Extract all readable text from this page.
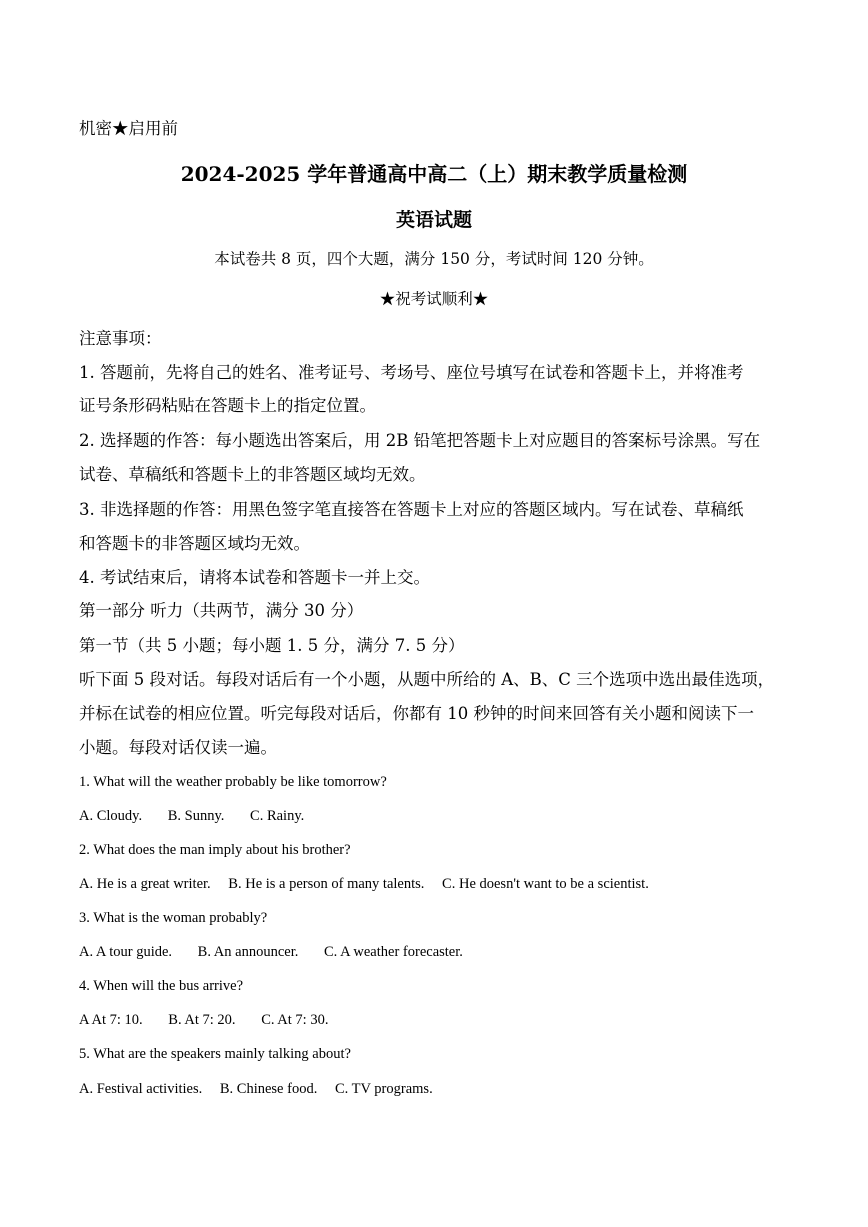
机密★启用前
2024-2025 学年普通高中高二（上）期末教学质量检测
英语试题
本试卷共 8 页，四个大题，满分 150 分，考试时间 120 分钟。
★祝考试顺利★
注意事项：
1. 答题前，先将自己的姓名、准考证号、考场号、座位号填写在试卷和答题卡上，并将准考
证号条形码粘贴在答题卡上的指定位置。
2. 选择题的作答：每小题选出答案后，用 2B 铅笔把答题卡上对应题目的答案标号涂黑。写在
试卷、草稿纸和答题卡上的非答题区域均无效。
3. 非选择题的作答：用黑色签字笔直接答在答题卡上对应的答题区域内。写在试卷、草稿纸
和答题卡的非答题区域均无效。
4. 考试结束后，请将本试卷和答题卡一并上交。
第一部分 听力（共两节，满分 30 分）
第一节（共 5 小题；每小题 1. 5 分，满分 7. 5 分）
听下面 5 段对话。每段对话后有一个小题，从题中所给的 A、B、C 三个选项中选出最佳选项，
并标在试卷的相应位置。听完每段对话后，你都有 10 秒钟的时间来回答有关小题和阅读下一
小题。每段对话仅读一遍。
1. What will the weather probably be like tomorrow?
A. Cloudy. B. Sunny. C. Rainy.
2. What does the man imply about his brother?
A. He is a great writer. B. He is a person of many talents. C. He doesn't want to be a scientist.
3. What is the woman probably?
A. A tour guide. B. An announcer. C. A weather forecaster.
4. When will the bus arrive?
A At 7: 10. B. At 7: 20. C. At 7: 30.
5. What are the speakers mainly talking about?
A. Festival activities. B. Chinese food. C. TV programs.
